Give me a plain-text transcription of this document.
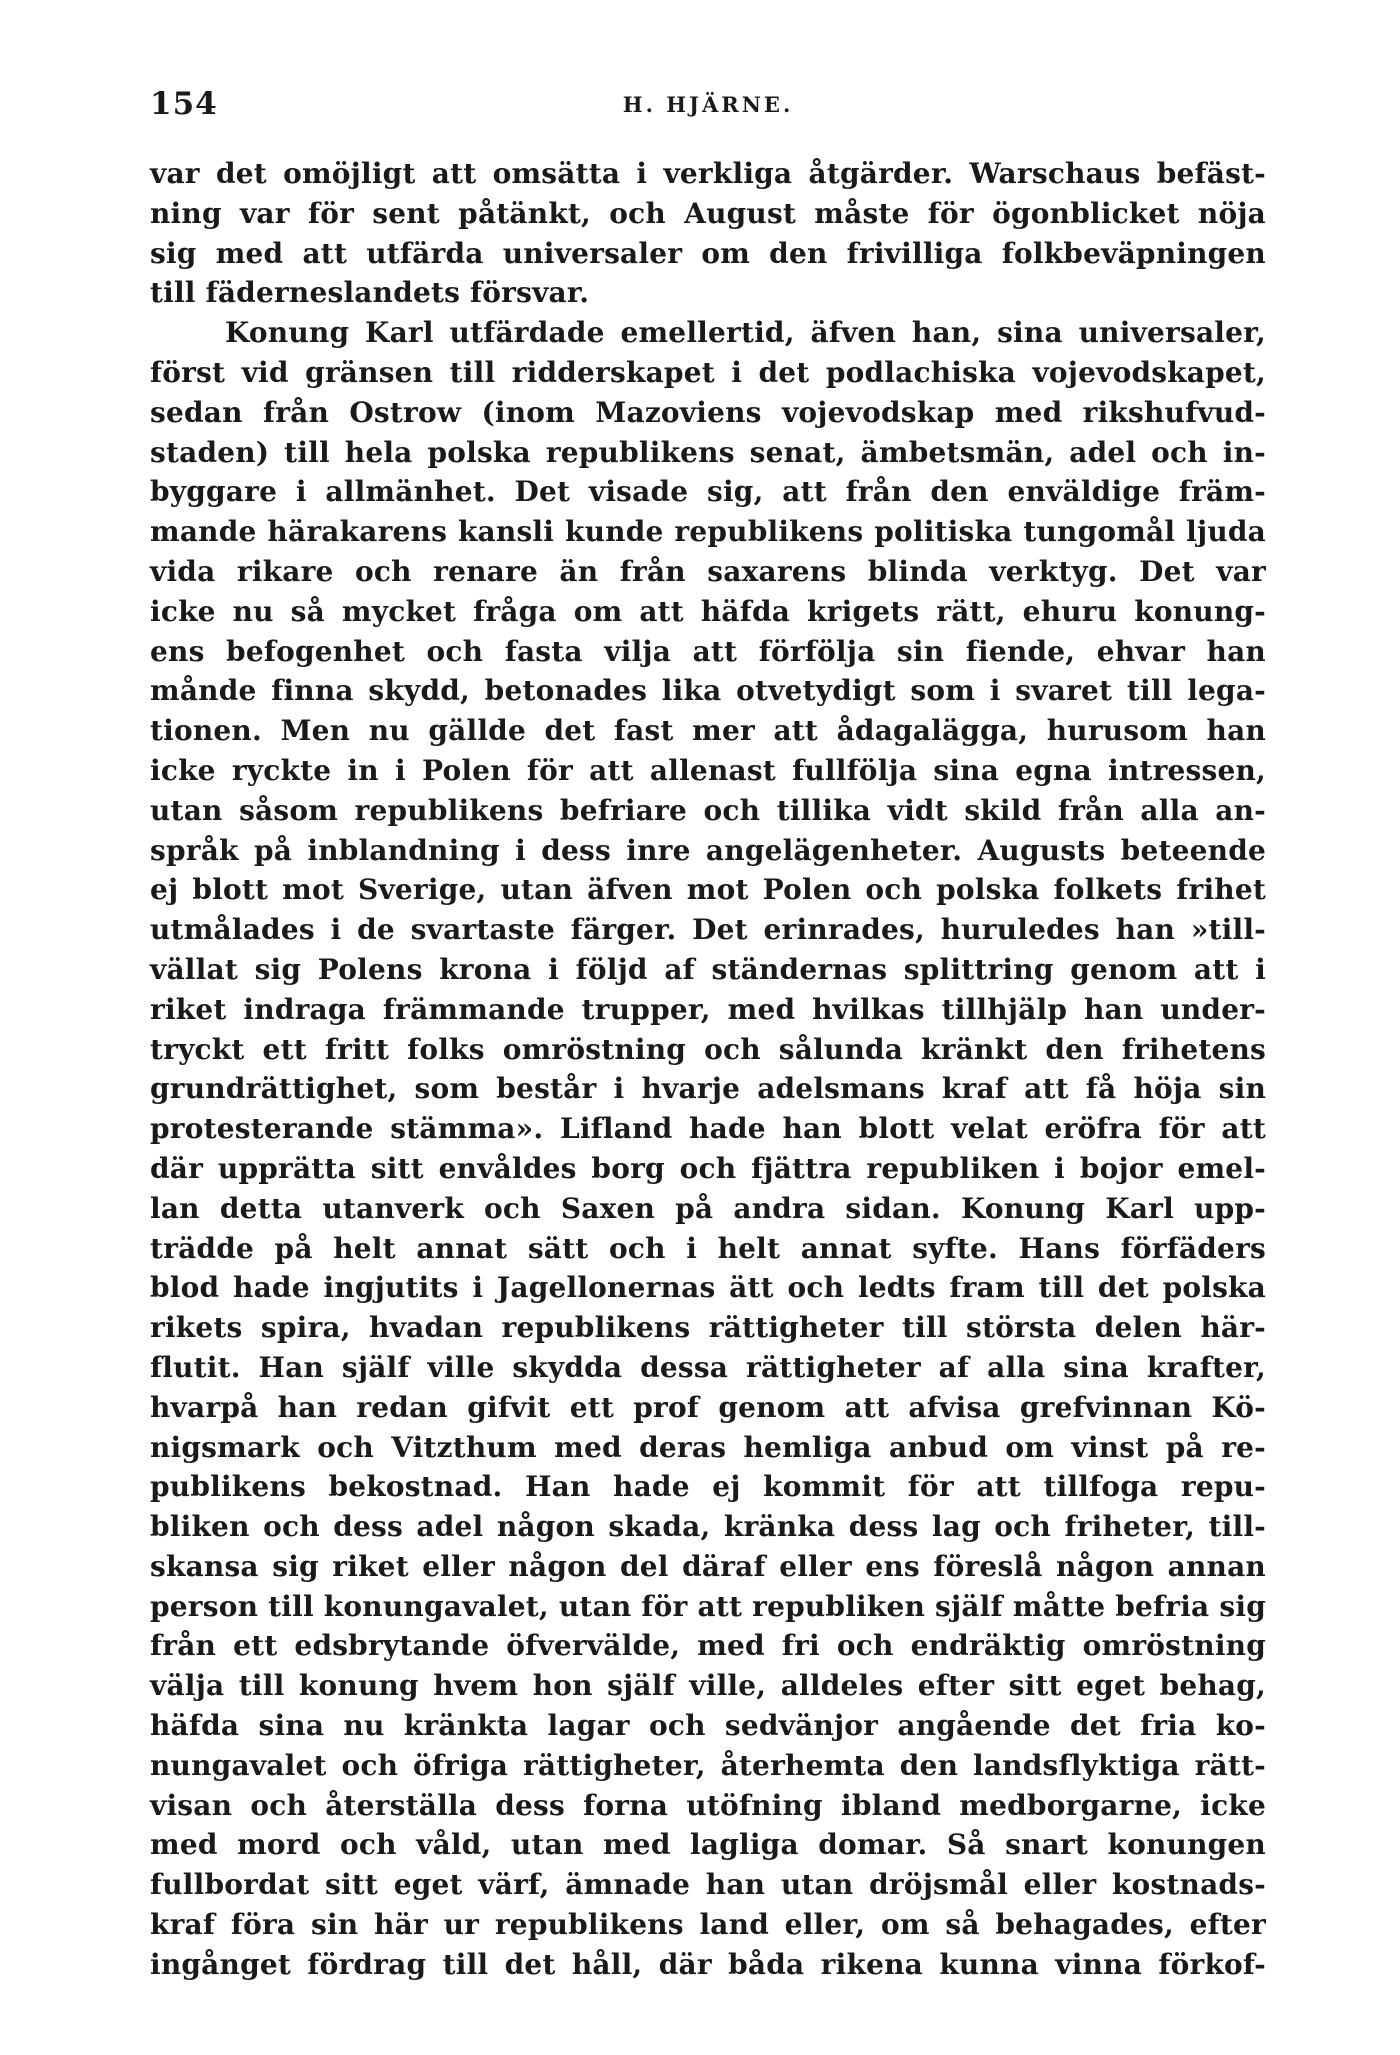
154	H. HJÄRNE.
var det omöjligt att omsätta i verkliga åtgärder. Warschaus befäst-
ning var för sent påtänkt, och August måste för ögonblicket nöja
sig med att utfärda universaler om den frivilliga folkbeväpningen
till fäderneslandets försvar.
Konung Karl utfärdade emellertid, äfven han, sina universaler,
först vid gränsen till ridderskapet i det podlachiska vojevodskapet,
sedan från Ostrow (inom Mazoviens vojevodskap med rikshufvud-
staden) till hela polska republikens senat, ämbetsmän, adel och in-
byggare i allmänhet. Det visade sig, att från den enväldige främ-
mande härakarens kansli kunde republikens politiska tungomål ljuda
vida rikare och renare än från saxarens blinda verktyg. Det var
icke nu så mycket fråga om att häfda krigets rätt, ehuru konung-
ens befogenhet och fasta vilja att förfölja sin fiende, ehvar han
månde finna skydd, betonades lika otvetydigt som i svaret till lega-
tionen. Men nu gällde det fast mer att ådagalägga, hurusom han
icke ryckte in i Polen för att allenast fullfölja sina egna intressen,
utan såsom republikens befriare och tillika vidt skild från alla an-
språk på inblandning i dess inre angelägenheter. Augusts beteende
ej blott mot Sverige, utan äfven mot Polen och polska folkets frihet
utmålades i de svartaste färger. Det erinrades, huruledes han »till-
vällat sig Polens krona i följd af ständernas splittring genom att i
riket indraga främmande trupper, med hvilkas tillhjälp han under-
tryckt ett fritt folks omröstning och sålunda kränkt den frihetens
grundrättighet, som består i hvarje adelsmans kraf att få höja sin
protesterande stämma». Lifland hade han blott velat eröfra för att
där upprätta sitt envåldes borg och fjättra republiken i bojor emel-
lan detta utanverk och Saxen på andra sidan. Konung Karl upp-
trädde på helt annat sätt och i helt annat syfte. Hans förfäders
blod hade ingjutits i Jagellonernas ätt och ledts fram till det polska
rikets spira, hvadan republikens rättigheter till största delen här-
flutit. Han själf ville skydda dessa rättigheter af alla sina krafter,
hvarpå han redan gifvit ett prof genom att afvisa grefvinnan Kö-
nigsmark och Vitzthum med deras hemliga anbud om vinst på re-
publikens bekostnad. Han hade ej kommit för att tillfoga repu-
bliken och dess adel någon skada, kränka dess lag och friheter, till-
skansa sig riket eller någon del däraf eller ens föreslå någon annan
person till konungavalet, utan för att republiken själf måtte befria sig
från ett edsbrytande öfvervälde, med fri och endräktig omröstning
välja till konung hvem hon själf ville, alldeles efter sitt eget behag,
häfda sina nu kränkta lagar och sedvänjor angående det fria ko-
nungavalet och öfriga rättigheter, återhemta den landsflyktiga rätt-
visan och återställa dess forna utöfning ibland medborgarne, icke
med mord och våld, utan med lagliga domar. Så snart konungen
fullbordat sitt eget värf, ämnade han utan dröjsmål eller kostnads-
kraf föra sin här ur republikens land eller, om så behagades, efter
ingånget fördrag till det håll, där båda rikena kunna vinna förkof-
